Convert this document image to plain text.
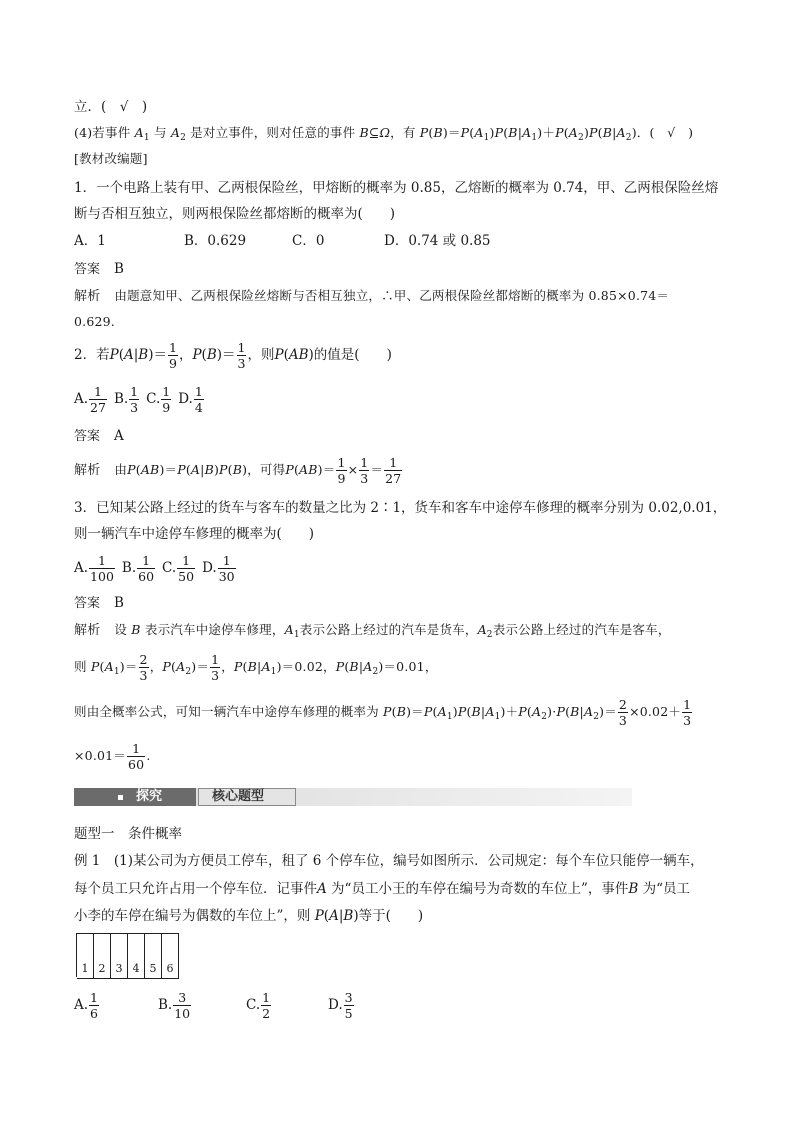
立．(　√　)
(4)若事件 $A_1$ 与 $A_2$ 是对立事件，则对任意的事件 B⊆Ω，有 $P(B)=P(A_1)P(B|A_1)+P(A_2)P(B|A_2)$．(　√　)
[教材改编题]
1．一个电路上装有甲、乙两根保险丝，甲熔断的概率为 0.85，乙熔断的概率为 0.74，甲、乙两根保险丝熔
断与否相互独立，则两根保险丝都熔断的概率为(　　)
A．1	B．0.629	C．0	D．0.74 或 0.85
答案 B
解析 由题意知甲、乙两根保险丝熔断与否相互独立，∴甲、乙两根保险丝都熔断的概率为 0.85×0.74＝
0.629.
2．若$P(A|B)= \frac{1}{9}$ ，$P(B)= \frac{1}{3}$ ，则P(AB)的值是(　　)
A. $\frac{1}{27} B$. $\frac{1}{3} C$. $\frac{1}{9} D$. $\frac{1}{4}$
答案 A
解析 由P(AB)＝P(A|B)P(B)，可得$P(AB)= \frac{1}{9} \times \frac{1}{3} = \frac{1}{27}$
3．已知某公路上经过的货车与客车的数量之比为 2∶1，货车和客车中途停车修理的概率分别为 0.02,0.01，
则一辆汽车中途停车修理的概率为(　　)
A. $\frac{1}{100} B$. $\frac{1}{60} C$. $\frac{1}{50} D$. $\frac{1}{30}$
答案 B
解析 设 B 表示汽车中途停车修理，$A_1$表示公路上经过的汽车是货车，$A_2$表示公路上经过的汽车是客车，
则 $P(A_1)= \frac{2}{3}$ ，$P(A_2)= \frac{1}{3}$ ，$P(B|A_1)=0.02$，$P(B|A_2)=0.01$，
则由全概率公式，可知一辆汽车中途停车修理的概率为 $P(B)=P(A_1)P(B|A_1)+P(A_2)\cdot P(B|A_2)= \frac{2}{3} \times 0.02+ \frac{1}{3}$
$\times 0.01= \frac{1}{60}$ .
探究	核心题型
题型一　条件概率
例 1　(1)某公司为方便员工停车，租了 6 个停车位，编号如图所示．公司规定：每个车位只能停一辆车，
每个员工只允许占用一个停车位．记事件A 为“员工小王的车停在编号为奇数的车位上”，事件B 为“员工
小李的车停在编号为偶数的车位上”，则 P(A|B)等于(　　)
1 2 3 4 5 6
A. $\frac{1}{6}$	B. $\frac{3}{10}$	C. $\frac{1}{2}$	D. $\frac{3}{5}$
